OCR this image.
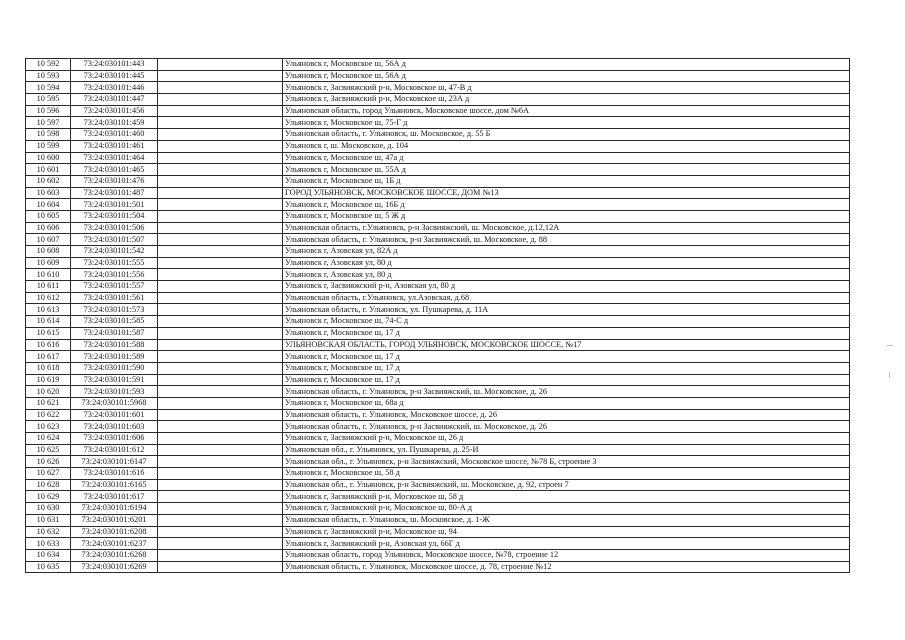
10 592	73:24:030101:443		Ульяновск г, Московское ш, 56А д
10 593	73:24:030101:445		Ульяновск г, Московское ш, 56А д
10 594	73:24:030101:446		Ульяновск г, Засвияжский р-н, Московское ш, 47-В д
10 595	73:24:030101:447		Ульяновск г, Засвияжский р-н, Московское ш, 23А д
10 596	73:24:030101:456		Ульяновская область, город Ульяновск, Московское шоссе, дом №6А
10 597	73:24:030101:459		Ульяновск г, Московское ш, 75-Г д
10 598	73:24:030101:460		Ульяновская область, г. Ульяновск, ш. Московское, д. 55 Б
10 599	73:24:030101:461		Ульяновск г, ш. Московское, д. 104
10 600	73:24:030101:464		Ульяновск г, Московское ш, 47а д
10 601	73:24:030101:465		Ульяновск г, Московское ш, 55А д
10 602	73:24:030101:476		Ульяновск г, Московское ш, 1Б д
10 603	73:24:030101:487		ГОРОД УЛЬЯНОВСК, МОСКОВСКОЕ ШОССЕ, ДОМ №13
10 604	73:24:030101:501		Ульяновск г, Московское ш, 16Б д
10 605	73:24:030101:504		Ульяновск г, Московское ш, 5 Ж д
10 606	73:24:030101:506		Ульяновская область, г.Ульяновск, р-н Засвияжский, ш. Московское, д.12,12А
10 607	73:24:030101:507		Ульяновская область, г. Ульяновск, р-н Засвияжский, ш. Московское, д. 88
10 608	73:24:030101:542		Ульяновск г, Азовская ул, 82А д
10 609	73:24:030101:555		Ульяновск г, Азовская ул, 80 д
10 610	73:24:030101:556		Ульяновск г, Азовская ул, 80 д
10 611	73:24:030101:557		Ульяновск г, Засвияжский р-н, Азовская ул, 80 д
10 612	73:24:030101:561		Ульяновская область, г.Ульяновск, ул.Азовская, д.68
10 613	73:24:030101:573		Ульяновская область, г. Ульяновск, ул. Пушкарева, д. 11А
10 614	73:24:030101:585		Ульяновск г, Московское ш, 74-С д
10 615	73:24:030101:587		Ульяновск г, Московское ш, 17 д
10 616	73:24:030101:588		УЛЬЯНОВСКАЯ ОБЛАСТЬ, ГОРОД УЛЬЯНОВСК, МОСКОВСКОЕ ШОССЕ, №17
10 617	73:24:030101:589		Ульяновск г, Московское ш, 17 д
10 618	73:24:030101:590		Ульяновск г, Московское ш, 17 д
10 619	73:24:030101:591		Ульяновск г, Московское ш, 17 д
10 620	73:24:030101:593		Ульяновская область, г. Ульяновск, р-н Засвияжский, ш. Московское, д. 26
10 621	73:24:030101:5968		Ульяновск г, Московское ш, 68а д
10 622	73:24:030101:601		Ульяновская область, г. Ульяновск, Московское шоссе, д. 26
10 623	73:24:030101:603		Ульяновская область, г. Ульяновск, р-н Засвияжский, ш. Московское, д. 26
10 624	73:24:030101:606		Ульяновск г, Засвияжский р-н, Московское ш, 26 д
10 625	73:24:030101:612		Ульяновская обл., г. Ульяновск, ул. Пушкарева, д. 25-И
10 626	73:24:030101:6147		Ульяновская обл., г. Ульяновск, р-н Засвияжский, Московское шоссе, №78 Б, строение 3
10 627	73:24:030101:616		Ульяновск г, Московское ш, 58 д
10 628	73:24:030101:6165		Ульяновская обл., г. Ульяновск, р-н Засвияжский, ш. Московское, д. 92, строен 7
10 629	73:24:030101:617		Ульяновск г, Засвияжский р-н, Московское ш, 58 д
10 630	73:24:030101:6194		Ульяновск г, Засвияжский р-н, Московское ш, 80-А д
10 631	73:24:030101:6201		Ульяновская область, г. Ульяновск, ш. Московское, д. 1-Ж
10 632	73:24:030101:6208		Ульяновск г, Засвияжский р-н, Московское ш, 94
10 633	73:24:030101:6237		Ульяновск г, Засвияжский р-н, Азовская ул, 66Г д
10 634	73:24:030101:6268		Ульяновская область, город Ульяновск, Московское шоссе, №78, строение 12
10 635	73:24:030101:6269		Ульяновская область, г. Ульяновск, Московское шоссе, д. 78, строение №12
